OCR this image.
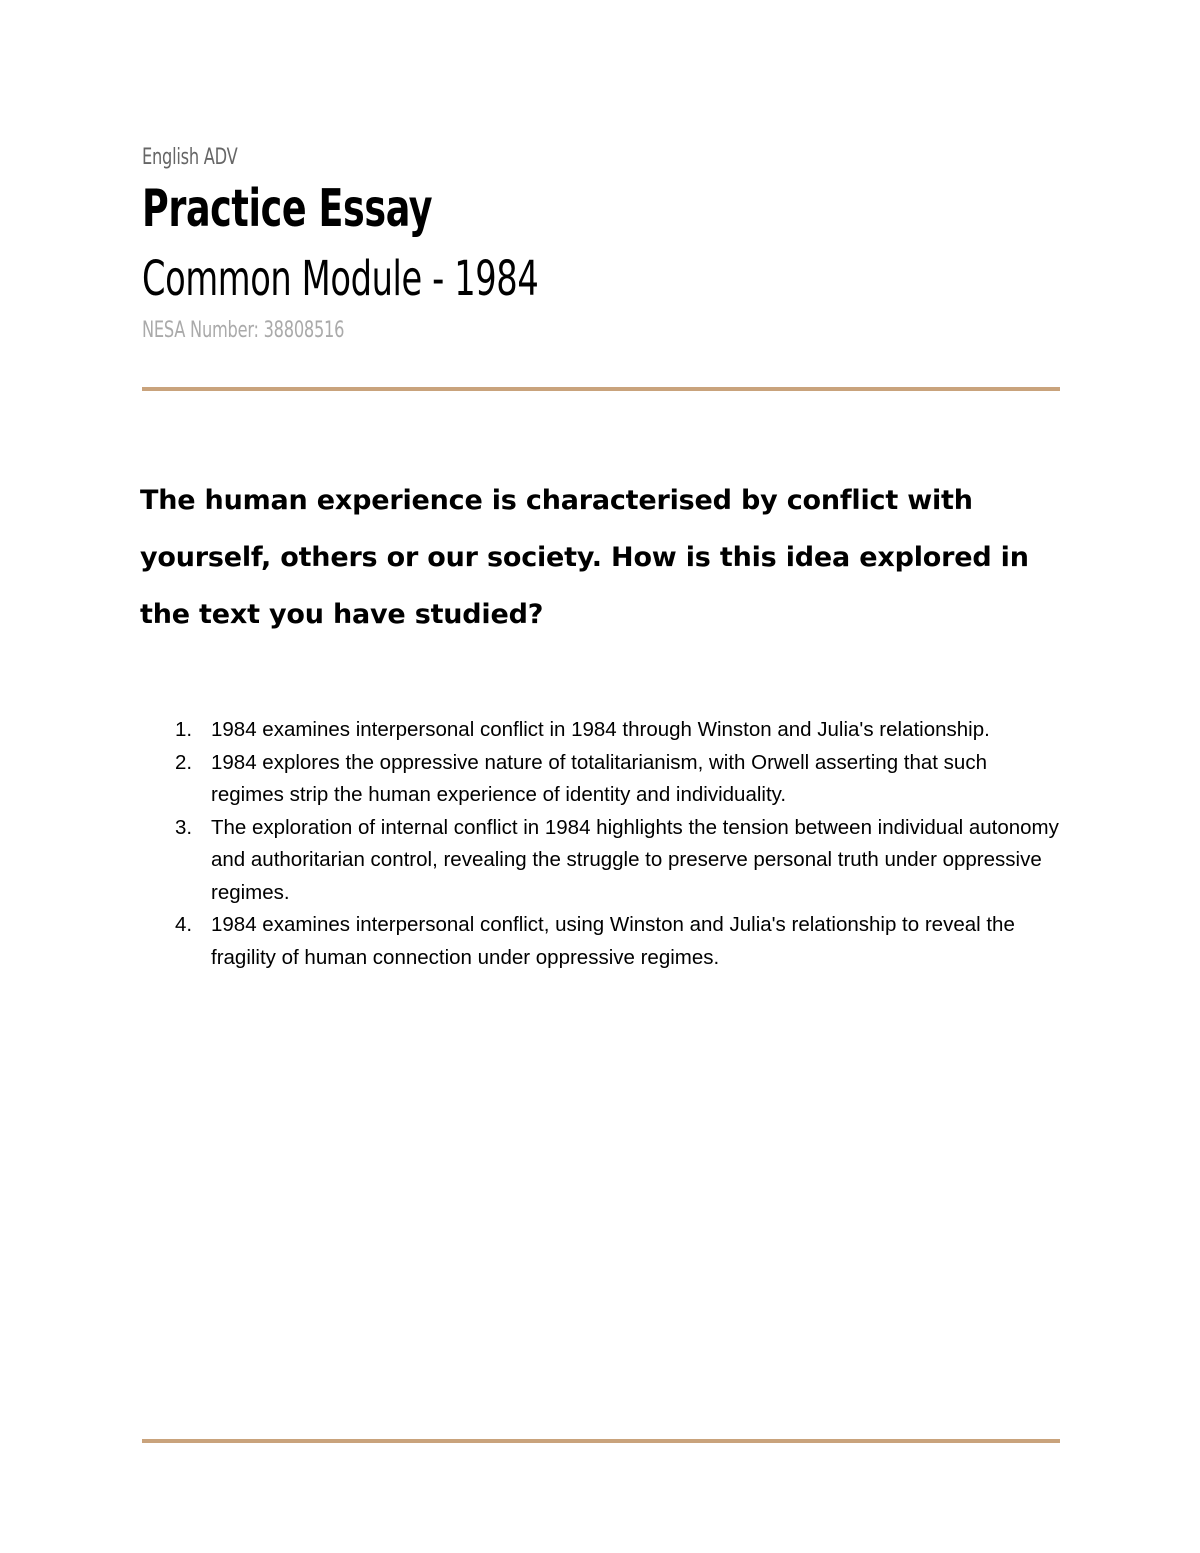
English ADV
Practice Essay
Common Module - 1984
NESA Number: 38808516
The human experience is characterised by conflict with yourself, others or our society. How is this idea explored in the text you have studied?
1. 1984 examines interpersonal conflict in 1984 through Winston and Julia's relationship.
2. 1984 explores the oppressive nature of totalitarianism, with Orwell asserting that such regimes strip the human experience of identity and individuality.
3. The exploration of internal conflict in 1984 highlights the tension between individual autonomy and authoritarian control, revealing the struggle to preserve personal truth under oppressive regimes.
4. 1984 examines interpersonal conflict, using Winston and Julia's relationship to reveal the fragility of human connection under oppressive regimes.
